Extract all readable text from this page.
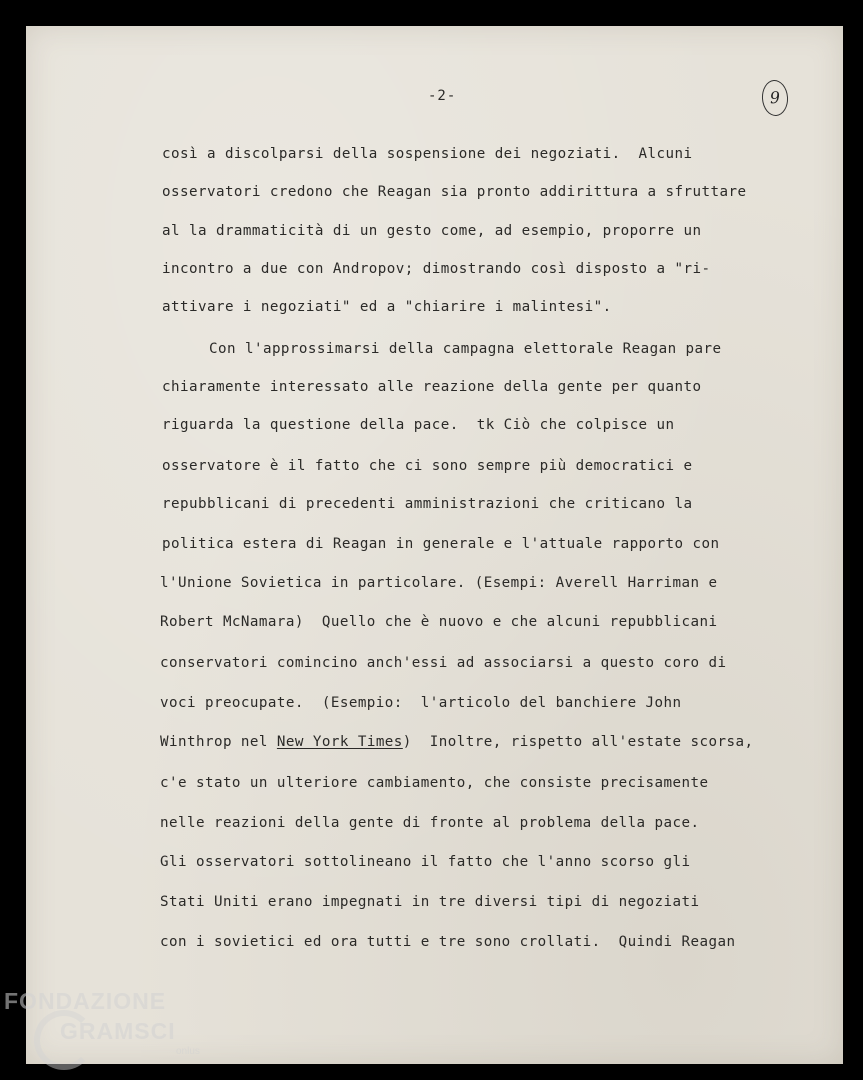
-2-	9
così a discolparsi della sospensione dei negoziati.  Alcuni
osservatori credono che Reagan sia pronto addirittura a sfruttare
al la drammaticità di un gesto come, ad esempio, proporre un
incontro a due con Andropov; dimostrando così disposto a "ri-
attivare i negoziati" ed a "chiarire i malintesi".
Con l'approssimarsi della campagna elettorale Reagan pare
chiaramente interessato alle reazione della gente per quanto
riguarda la questione della pace.  tk Ciò che colpisce un
osservatore è il fatto che ci sono sempre più democratici e
repubblicani di precedenti amministrazioni che criticano la
politica estera di Reagan in generale e l'attuale rapporto con
l'Unione Sovietica in particolare. (Esempi: Averell Harriman e
Robert McNamara)  Quello che è nuovo e che alcuni repubblicani
conservatori comincino anch'essi ad associarsi a questo coro di
voci preocupate.  (Esempio:  l'articolo del banchiere John
Winthrop nel New York Times)  Inoltre, rispetto all'estate scorsa,
c'e stato un ulteriore cambiamento, che consiste precisamente
nelle reazioni della gente di fronte al problema della pace.
Gli osservatori sottolineano il fatto che l'anno scorso gli
Stati Uniti erano impegnati in tre diversi tipi di negoziati
con i sovietici ed ora tutti e tre sono crollati.  Quindi Reagan
FONDAZIONE
GRAMSCI
onlus
